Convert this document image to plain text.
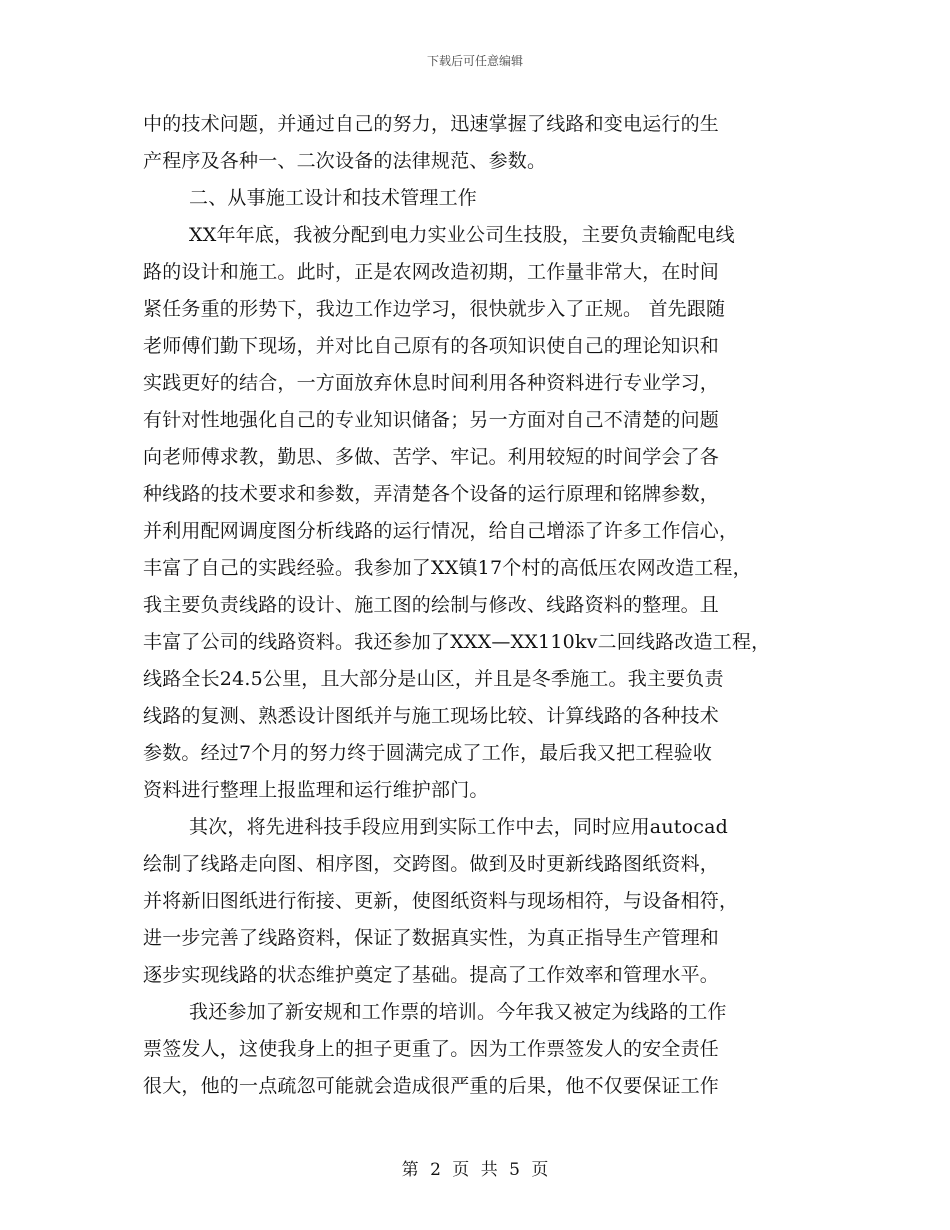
下载后可任意编辑
中的技术问题，并通过自己的努力，迅速掌握了线路和变电运行的生
产程序及各种一、二次设备的法律规范、参数。
二、从事施工设计和技术管理工作
XX年年底，我被分配到电力实业公司生技股，主要负责输配电线
路的设计和施工。此时，正是农网改造初期，工作量非常大，在时间
紧任务重的形势下，我边工作边学习，很快就步入了正规。 首先跟随
老师傅们勤下现场，并对比自己原有的各项知识使自己的理论知识和
实践更好的结合，一方面放弃休息时间利用各种资料进行专业学习，
有针对性地强化自己的专业知识储备；另一方面对自己不清楚的问题
向老师傅求教，勤思、多做、苦学、牢记。利用较短的时间学会了各
种线路的技术要求和参数，弄清楚各个设备的运行原理和铭牌参数，
并利用配网调度图分析线路的运行情况，给自己增添了许多工作信心，
丰富了自己的实践经验。我参加了XX镇17个村的高低压农网改造工程，
我主要负责线路的设计、施工图的绘制与修改、线路资料的整理。且
丰富了公司的线路资料。我还参加了XXX—XX110kv二回线路改造工程，
线路全长24.5公里，且大部分是山区，并且是冬季施工。我主要负责
线路的复测、熟悉设计图纸并与施工现场比较、计算线路的各种技术
参数。经过7个月的努力终于圆满完成了工作，最后我又把工程验收
资料进行整理上报监理和运行维护部门。
其次，将先进科技手段应用到实际工作中去，同时应用autocad
绘制了线路走向图、相序图，交跨图。做到及时更新线路图纸资料，
并将新旧图纸进行衔接、更新，使图纸资料与现场相符，与设备相符，
进一步完善了线路资料，保证了数据真实性，为真正指导生产管理和
逐步实现线路的状态维护奠定了基础。提高了工作效率和管理水平。
我还参加了新安规和工作票的培训。今年我又被定为线路的工作
票签发人，这使我身上的担子更重了。因为工作票签发人的安全责任
很大，他的一点疏忽可能就会造成很严重的后果，他不仅要保证工作
第 2 页 共 5 页
